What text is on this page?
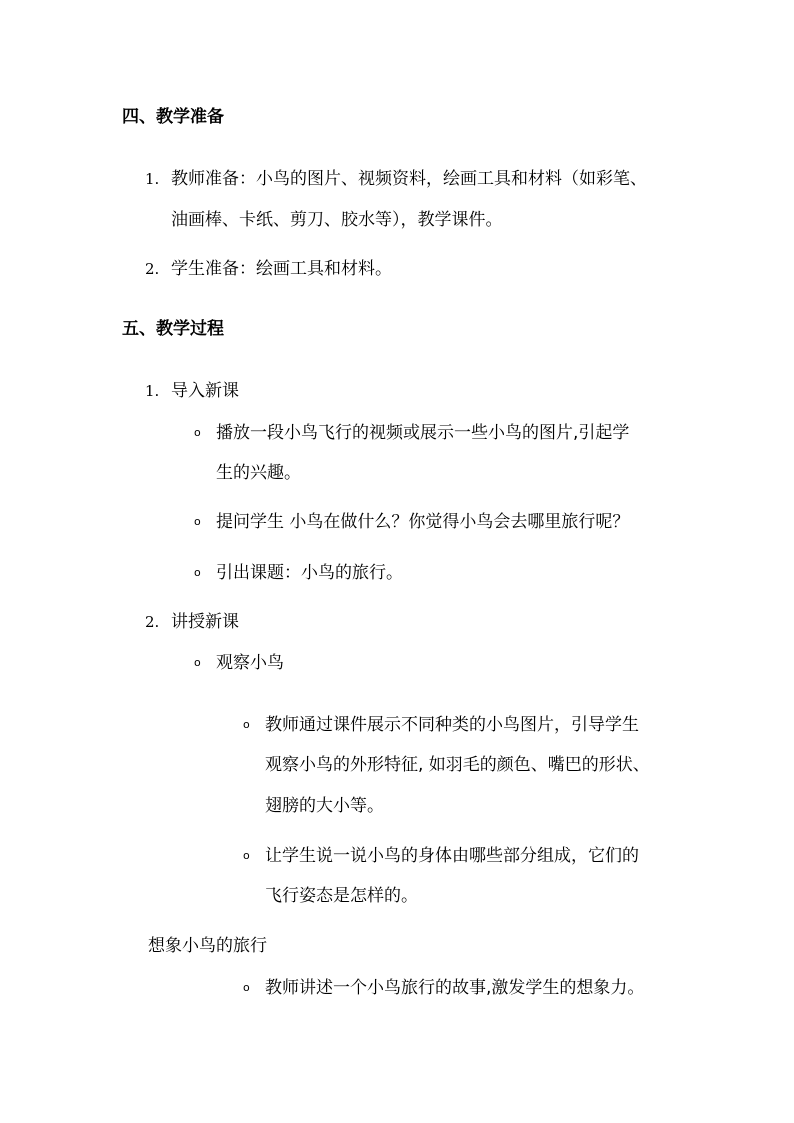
四、教学准备
1. 教师准备：小鸟的图片、视频资料，绘画工具和材料（如彩笔、
油画棒、卡纸、剪刀、胶水等），教学课件。
2. 学生准备：绘画工具和材料。
五、教学过程
1. 导入新课
o 播放一段小鸟飞行的视频或展示一些小鸟的图片,引起学
生的兴趣。
o 提问学生 小鸟在做什么？你觉得小鸟会去哪里旅行呢？
o 引出课题：小鸟的旅行。
2. 讲授新课
o 观察小鸟
o 教师通过课件展示不同种类的小鸟图片，引导学生
观察小鸟的外形特征, 如羽毛的颜色、嘴巴的形状、
翅膀的大小等。
o 让学生说一说小鸟的身体由哪些部分组成，它们的
飞行姿态是怎样的。
想象小鸟的旅行
o 教师讲述一个小鸟旅行的故事,激发学生的想象力。
